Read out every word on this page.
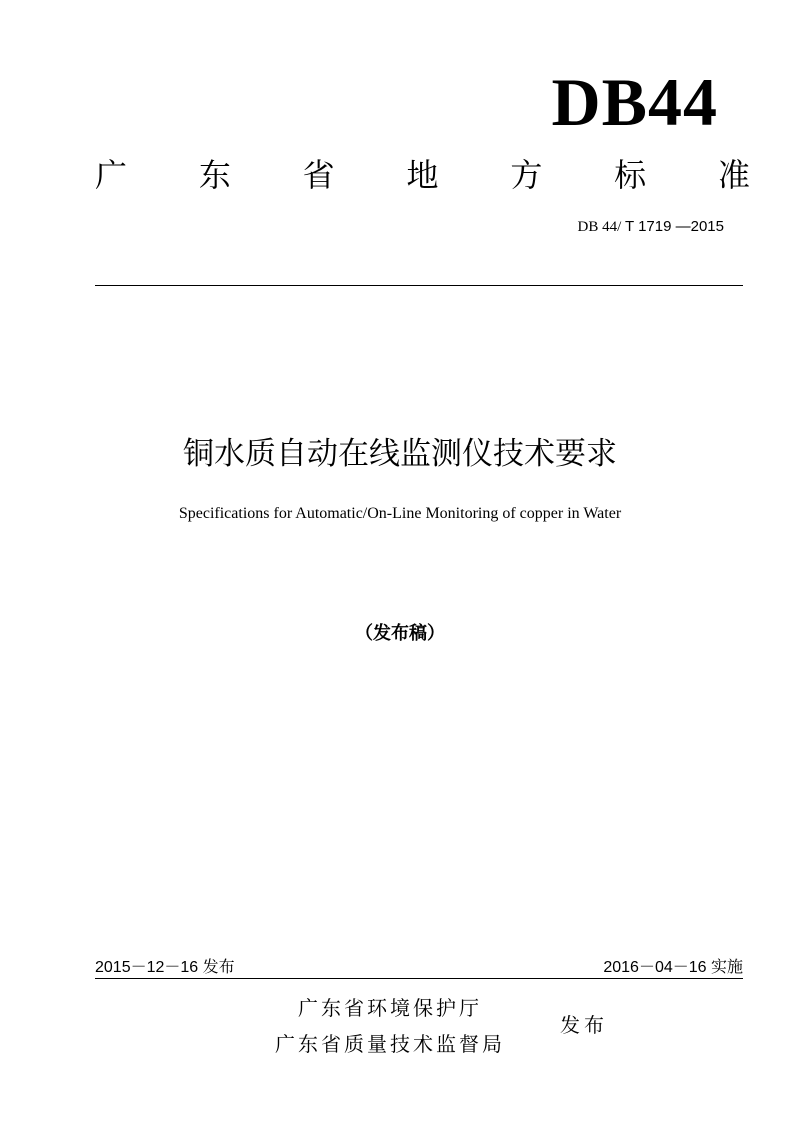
DB44
广 东 省 地 方 标 准
DB 44/ T 1719 —2015
铜水质自动在线监测仪技术要求
Specifications for Automatic/On-Line Monitoring of copper in Water
（发布稿）
2015－12－16 发布	2016－04－16 实施
广东省环境保护厅
广东省质量技术监督局
发布
